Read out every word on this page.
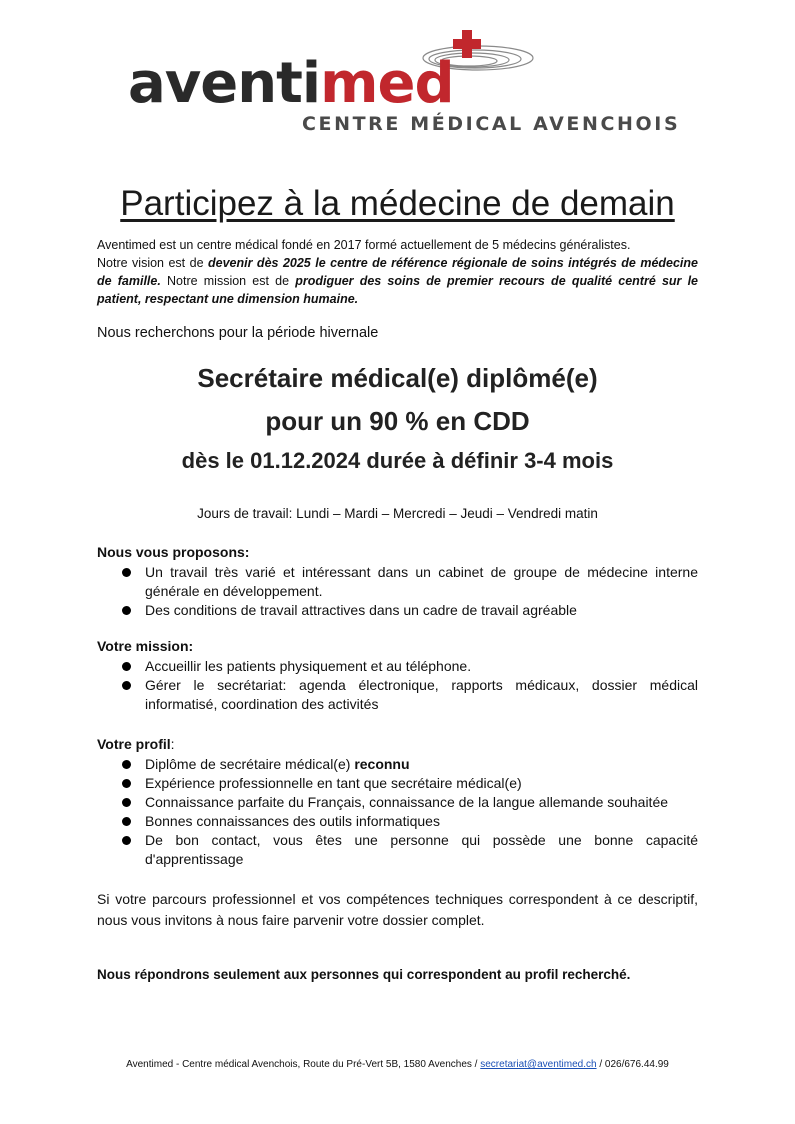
aventimed
CENTRE MÉDICAL AVENCHOIS
Participez à la médecine de demain
Aventimed est un centre médical fondé en 2017 formé actuellement de 5 médecins généralistes.
Notre vision est de devenir dès 2025 le centre de référence régionale de soins intégrés de médecine de famille. Notre mission est de prodiguer des soins de premier recours de qualité centré sur le patient, respectant une dimension humaine.
Nous recherchons pour la période hivernale
Secrétaire médical(e) diplômé(e)
pour un 90 % en CDD
dès le 01.12.2024 durée à définir 3-4 mois
Jours de travail: Lundi – Mardi – Mercredi – Jeudi – Vendredi matin
Nous vous proposons:
Un travail très varié et intéressant dans un cabinet de groupe de médecine interne générale en développement.
Des conditions de travail attractives dans un cadre de travail agréable
Votre mission:
Accueillir les patients physiquement et au téléphone.
Gérer le secrétariat: agenda électronique, rapports médicaux, dossier médical informatisé, coordination des activités
Votre profil:
Diplôme de secrétaire médical(e) reconnu
Expérience professionnelle en tant que secrétaire médical(e)
Connaissance parfaite du Français, connaissance de la langue allemande souhaitée
Bonnes connaissances des outils informatiques
De bon contact, vous êtes une personne qui possède une bonne capacité d'apprentissage
Si votre parcours professionnel et vos compétences techniques correspondent à ce descriptif, nous vous invitons à nous faire parvenir votre dossier complet.
Nous répondrons seulement aux personnes qui correspondent au profil recherché.
Aventimed - Centre médical Avenchois, Route du Pré-Vert 5B, 1580 Avenches / secretariat@aventimed.ch / 026/676.44.99
